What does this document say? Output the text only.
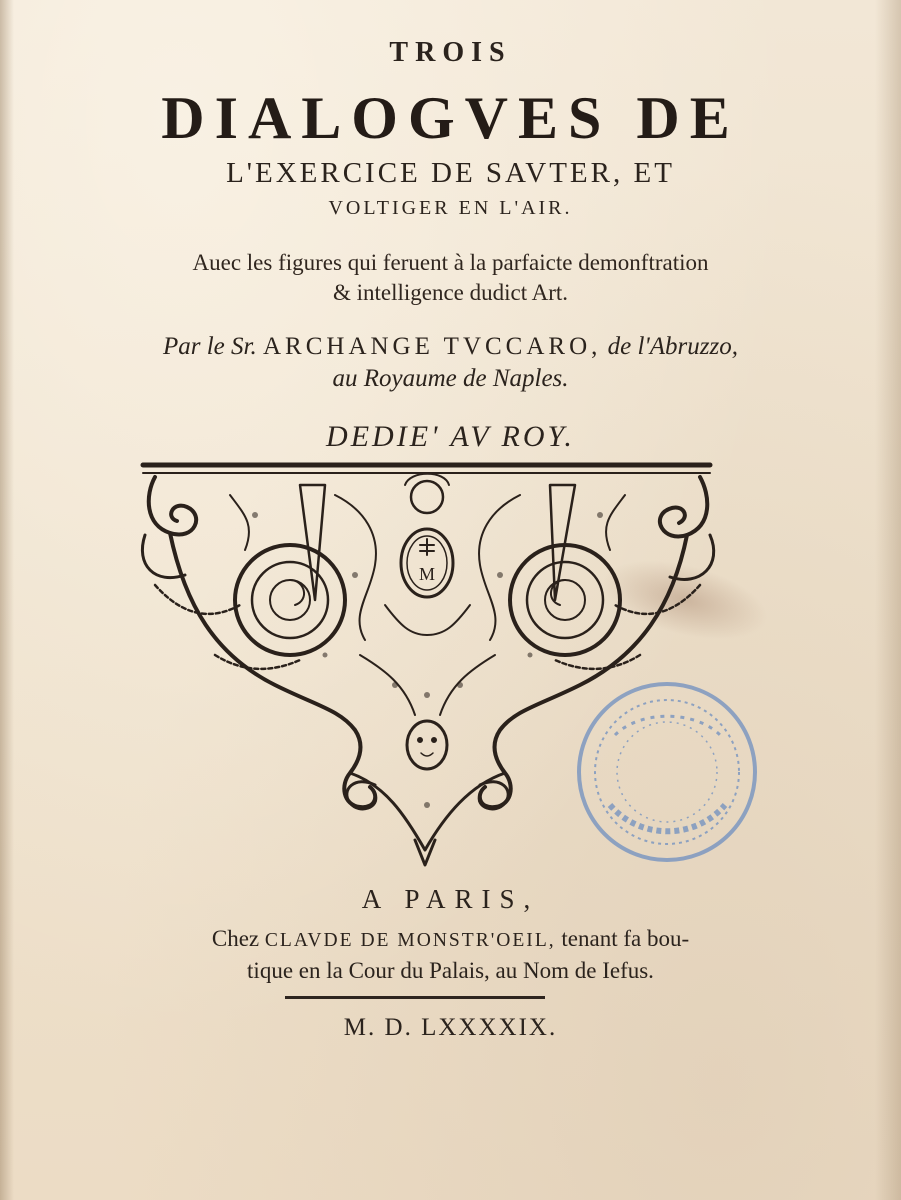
TROIS
DIALOGVES DE
L'EXERCICE DE SAVTER, ET
VOLTIGER EN L'AIR.
Auec les figures qui feruent à la parfaicte demonftration
& intelligence dudict Art.
Par le Sr. ARCHANGE TVCCARO, de l'Abruzzo,
au Royaume de Naples.
DEDIE' AV ROY.
M
A PARIS,
Chez CLAVDE DE MONSTR'OEIL, tenant fa bou-
tique en la Cour du Palais, au Nom de Iefus.
M. D. LXXXXIX.
